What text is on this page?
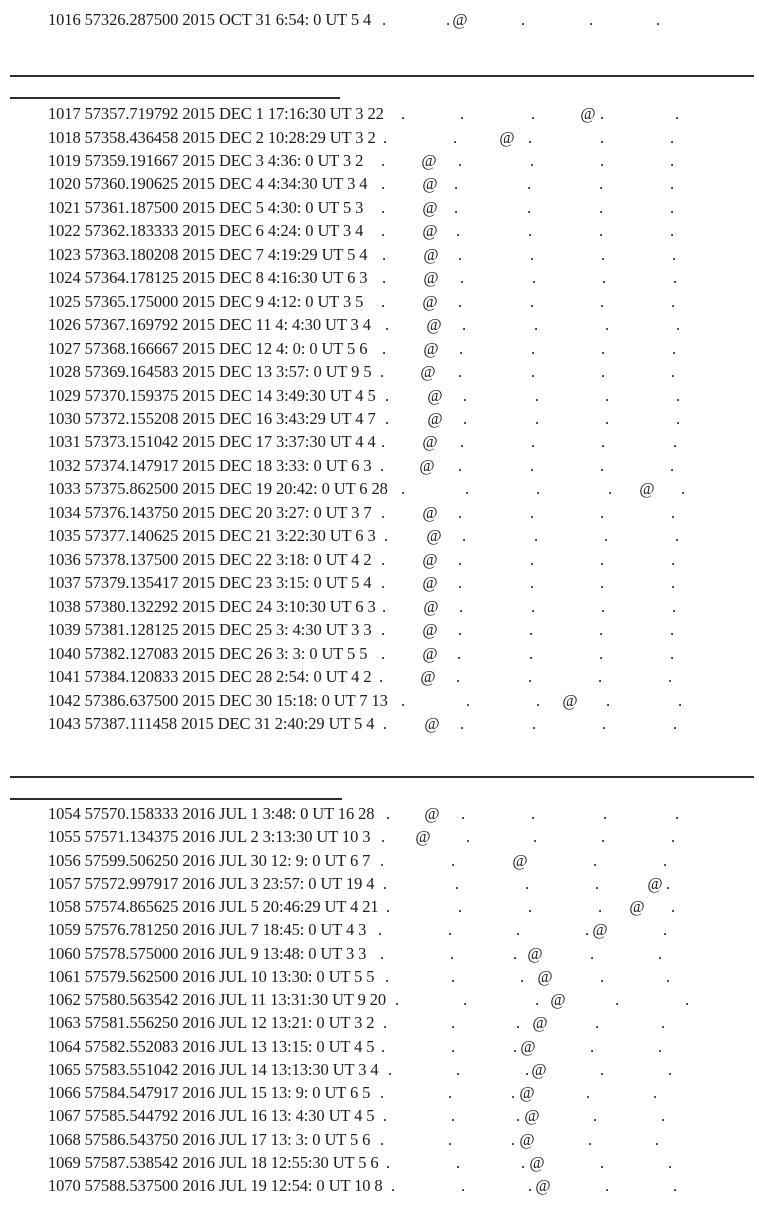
1016 57326.287500 2015 OCT 31 6:54: 0 UT 5 4 .	. @	.	.	.
1017 57357.719792 2015 DEC 1 17:16:30 UT 3 22 .	.	.	@ .	.
1018 57358.436458 2015 DEC 2 10:28:29 UT 3 2 .	.	@ .	.	.
1019 57359.191667 2015 DEC 3 4:36: 0 UT 3 2 . @ .	.	.	.
1020 57360.190625 2015 DEC 4 4:34:30 UT 3 4 . @ .	.	.	.
1021 57361.187500 2015 DEC 5 4:30: 0 UT 5 3 . @ .	.	.	.
1022 57362.183333 2015 DEC 6 4:24: 0 UT 3 4 . @ .	.	.	.
1023 57363.180208 2015 DEC 7 4:19:29 UT 5 4 . @ .	.	.	.
1024 57364.178125 2015 DEC 8 4:16:30 UT 6 3 . @ .	.	.	.
1025 57365.175000 2015 DEC 9 4:12: 0 UT 3 5 . @ .	.	.	.
1026 57367.169792 2015 DEC 11 4: 4:30 UT 3 4 . @ .	.	.	.
1027 57368.166667 2015 DEC 12 4: 0: 0 UT 5 6 . @ .	.	.	.
1028 57369.164583 2015 DEC 13 3:57: 0 UT 9 5 . @ .	.	.	.
1029 57370.159375 2015 DEC 14 3:49:30 UT 4 5 . @ .	.	.	.
1030 57372.155208 2015 DEC 16 3:43:29 UT 4 7 . @ .	.	.	.
1031 57373.151042 2015 DEC 17 3:37:30 UT 4 4 . @ .	.	.	.
1032 57374.147917 2015 DEC 18 3:33: 0 UT 6 3 . @ .	.	.	.
1033 57375.862500 2015 DEC 19 20:42: 0 UT 6 28 .	.	.	. @ .
1034 57376.143750 2015 DEC 20 3:27: 0 UT 3 7 . @ .	.	.	.
1035 57377.140625 2015 DEC 21 3:22:30 UT 6 3 . @ .	.	.	.
1036 57378.137500 2015 DEC 22 3:18: 0 UT 4 2 . @ .	.	.	.
1037 57379.135417 2015 DEC 23 3:15: 0 UT 5 4 . @ .	.	.	.
1038 57380.132292 2015 DEC 24 3:10:30 UT 6 3 . @ .	.	.	.
1039 57381.128125 2015 DEC 25 3: 4:30 UT 3 3 . @ .	.	.	.
1040 57382.127083 2015 DEC 26 3: 3: 0 UT 5 5 . @ .	.	.	.
1041 57384.120833 2015 DEC 28 2:54: 0 UT 4 2 . @ .	.	.	.
1042 57386.637500 2015 DEC 30 15:18: 0 UT 7 13 .	.	. @ .	.
1043 57387.111458 2015 DEC 31 2:40:29 UT 5 4 . @ .	.	.	.
1054 57570.158333 2016 JUL 1 3:48: 0 UT 16 28 . @ .	.	.	.
1055 57571.134375 2016 JUL 2 3:13:30 UT 10 3 . @ .	.	.	.
1056 57599.506250 2016 JUL 30 12: 9: 0 UT 6 7 .	.	@	.	.
1057 57572.997917 2016 JUL 3 23:57: 0 UT 19 4 .	.	.	.	@ .
1058 57574.865625 2016 JUL 5 20:46:29 UT 4 21 .	.	.	. @ .
1059 57576.781250 2016 JUL 7 18:45: 0 UT 4 3 .	.	.	. @	.
1060 57578.575000 2016 JUL 9 13:48: 0 UT 3 3 .	.	. @	.	.
1061 57579.562500 2016 JUL 10 13:30: 0 UT 5 5 .	.	. @	.	.
1062 57580.563542 2016 JUL 11 13:31:30 UT 9 20 .	.	. @	.	.
1063 57581.556250 2016 JUL 12 13:21: 0 UT 3 2 .	.	. @	.	.
1064 57582.552083 2016 JUL 13 13:15: 0 UT 4 5 .	.	. @	.	.
1065 57583.551042 2016 JUL 14 13:13:30 UT 3 4 .	.	. @	.	.
1066 57584.547917 2016 JUL 15 13: 9: 0 UT 6 5 .	.	. @	.	.
1067 57585.544792 2016 JUL 16 13: 4:30 UT 4 5 .	.	. @	.	.
1068 57586.543750 2016 JUL 17 13: 3: 0 UT 5 6 .	.	. @	.	.
1069 57587.538542 2016 JUL 18 12:55:30 UT 5 6 .	.	. @	.	.
1070 57588.537500 2016 JUL 19 12:54: 0 UT 10 8 .	.	. @	.	.
